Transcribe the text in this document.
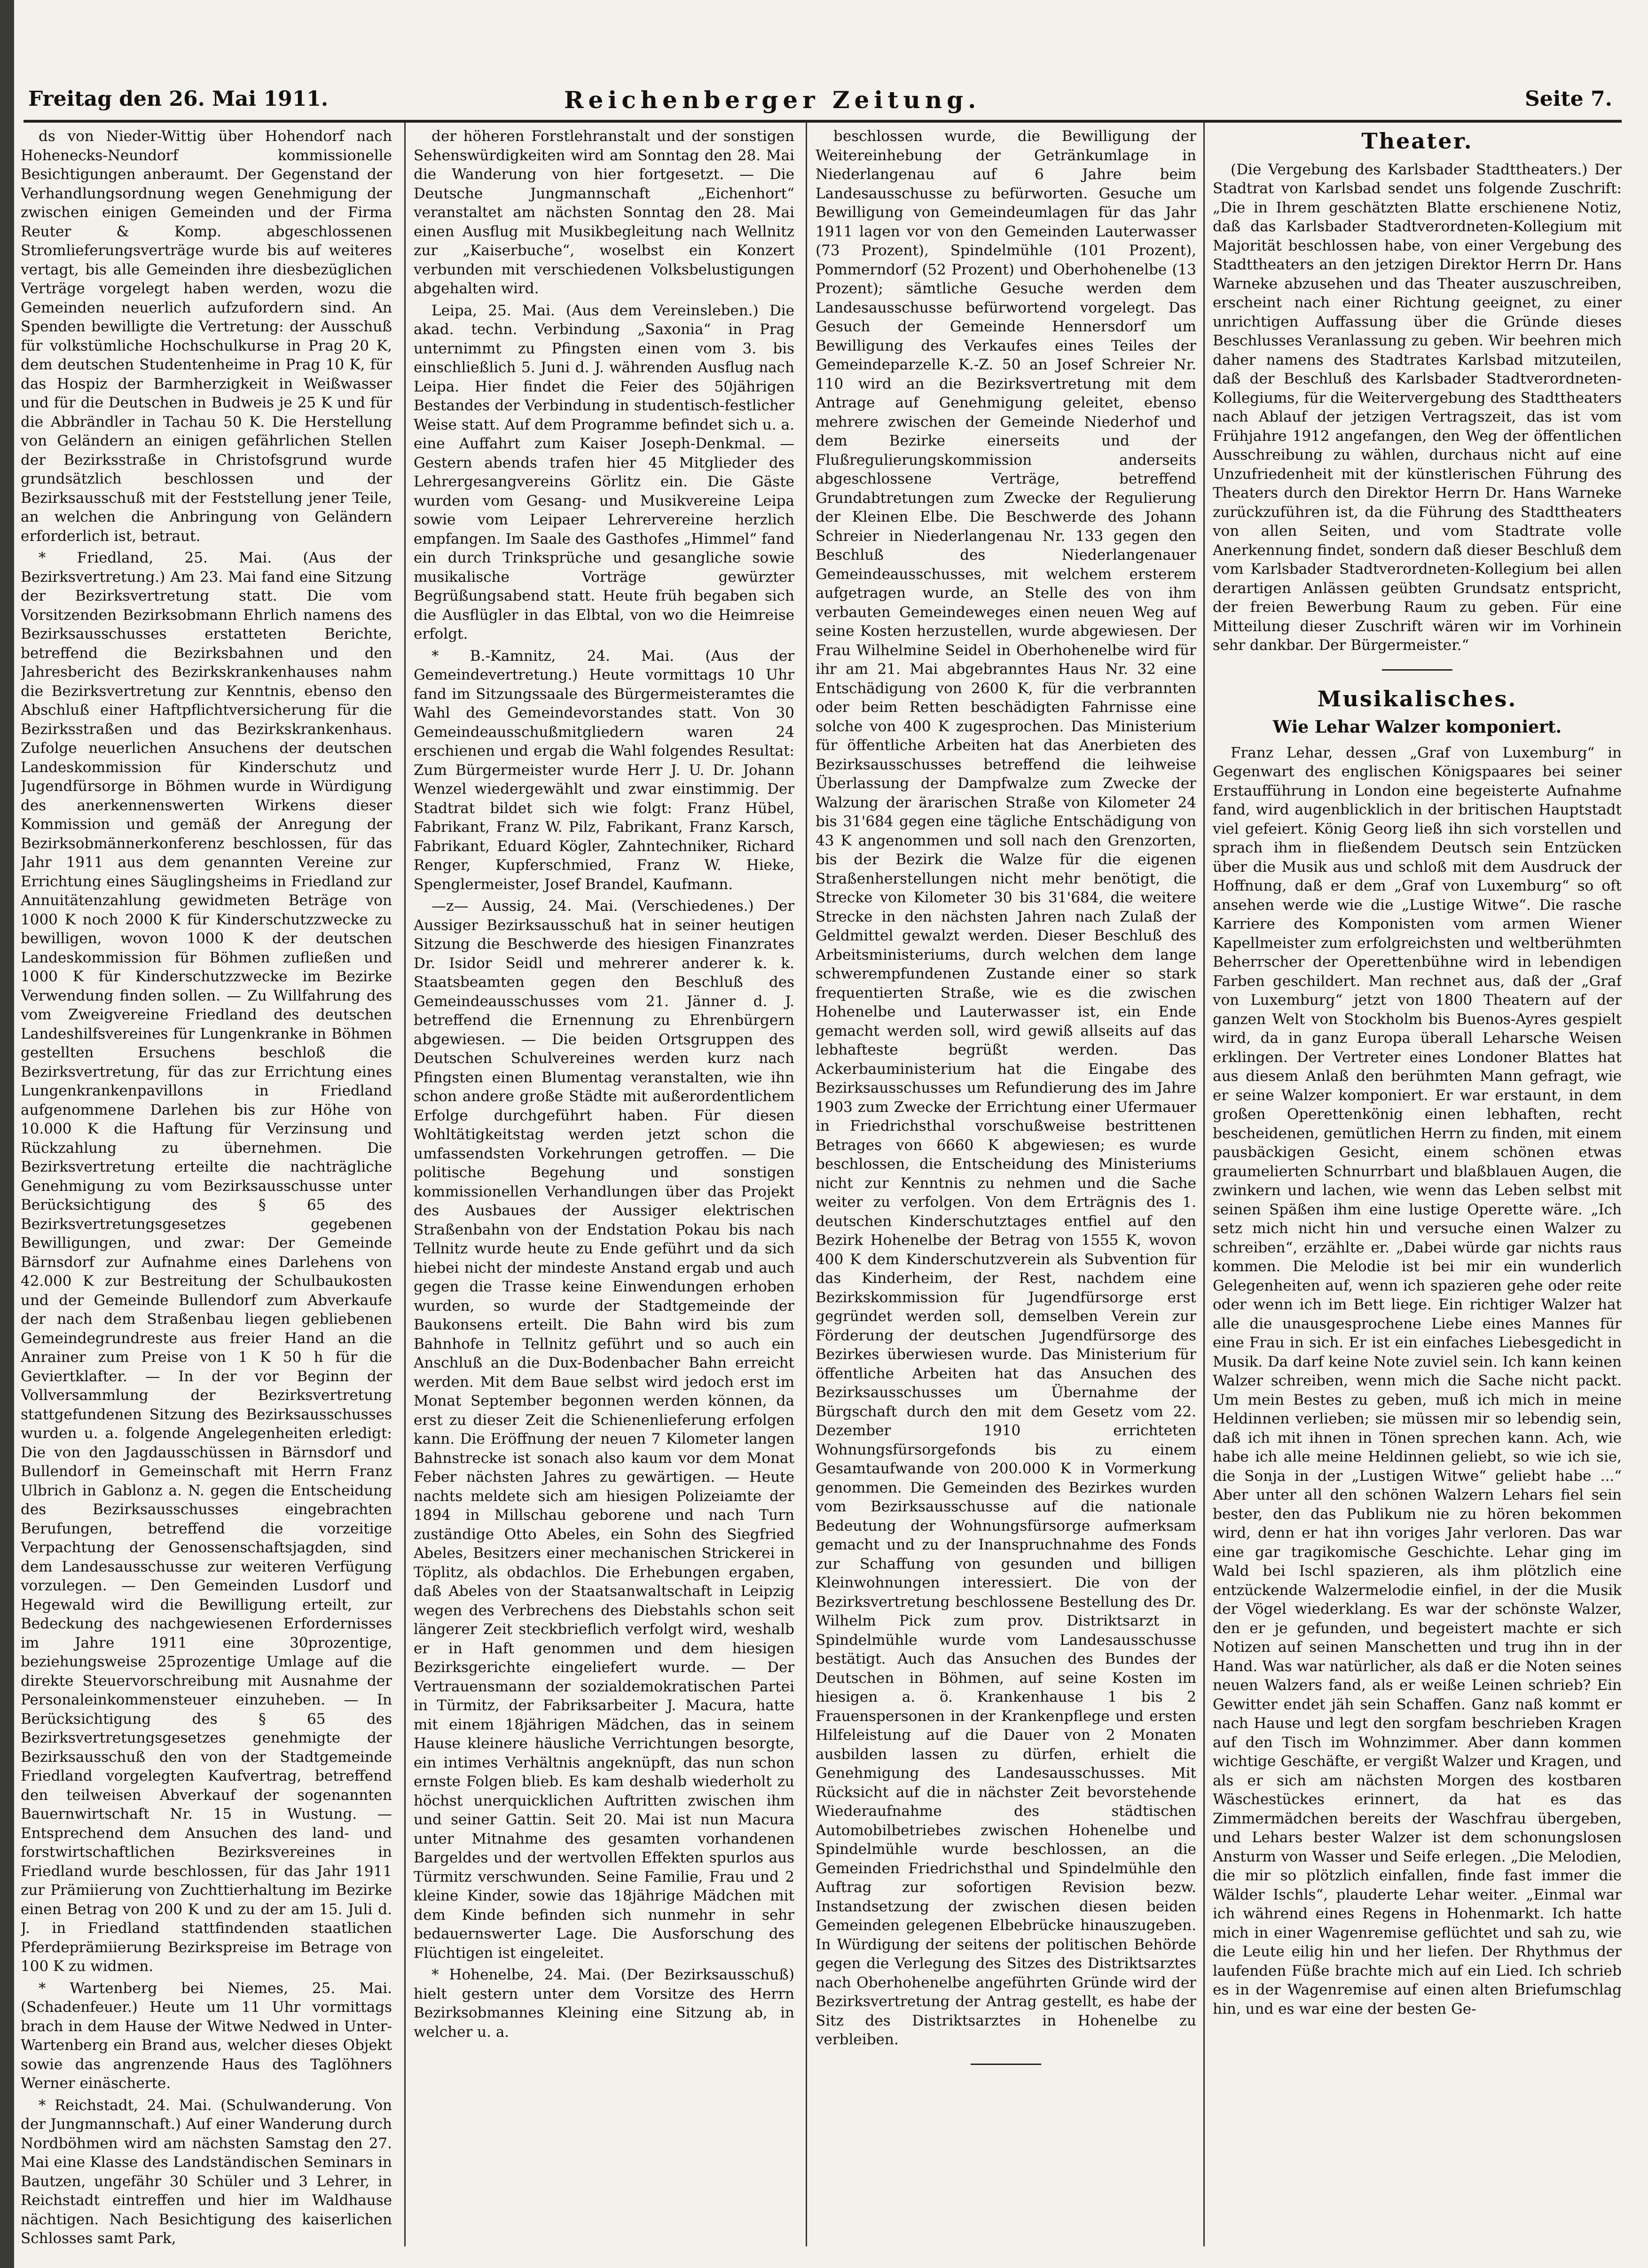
Freitag den 26. Mai 1911.	Reichenberger Zeitung.	Seite 7.

ds von Nieder-Wittig über Hohendorf nach Hohenecks-Neundorf kommissionelle Besichtigungen anberaumt. Der Gegenstand der Verhandlungsordnung wegen Genehmigung der zwischen einigen Gemeinden und der Firma Reuter & Komp. abgeschlossenen Stromlieferungsverträge wurde bis auf weiteres vertagt, bis alle Gemeinden ihre diesbezüglichen Verträge vorgelegt haben werden, wozu die Gemeinden neuerlich aufzufordern sind. An Spenden bewilligte die Vertretung: der Ausschuß für volkstümliche Hochschulkurse in Prag 20 K, dem deutschen Studentenheime in Prag 10 K, für das Hospiz der Barmherzigkeit in Weißwasser und für die Deutschen in Budweis je 25 K und für die Abbrändler in Tachau 50 K. Die Herstellung von Geländern an einigen gefährlichen Stellen der Bezirksstraße in Christofsgrund wurde grundsätzlich beschlossen und der Bezirksausschuß mit der Feststellung jener Teile, an welchen die Anbringung von Geländern erforderlich ist, betraut.

* Friedland, 25. Mai. (Aus der Bezirksvertretung.) Am 23. Mai fand eine Sitzung der Bezirksvertretung statt. Die vom Vorsitzenden Bezirksobmann Ehrlich namens des Bezirksausschusses erstatteten Berichte, betreffend die Bezirksbahnen und den Jahresbericht des Bezirkskrankenhauses nahm die Bezirksvertretung zur Kenntnis, ebenso den Abschluß einer Haftpflichtversicherung für die Bezirksstraßen und das Bezirkskrankenhaus. Zufolge neuerlichen Ansuchens der deutschen Landeskommission für Kinderschutz und Jugendfürsorge in Böhmen wurde in Würdigung des anerkennenswerten Wirkens dieser Kommission und gemäß der Anregung der Bezirksobmännerkonferenz beschlossen, für das Jahr 1911 aus dem genannten Vereine zur Errichtung eines Säuglingsheims in Friedland zur Annuitätenzahlung gewidmeten Beträge von 1000 K noch 2000 K für Kinderschutzzwecke zu bewilligen, wovon 1000 K der deutschen Landeskommission für Böhmen zufließen und 1000 K für Kinderschutzzwecke im Bezirke Verwendung finden sollen. — Zu Willfahrung des vom Zweigvereine Friedland des deutschen Landeshilfsvereines für Lungenkranke in Böhmen gestellten Ersuchens beschloß die Bezirksvertretung, für das zur Errichtung eines Lungenkrankenpavillons in Friedland aufgenommene Darlehen bis zur Höhe von 10.000 K die Haftung für Verzinsung und Rückzahlung zu übernehmen. Die Bezirksvertretung erteilte die nachträgliche Genehmigung zu vom Bezirksausschusse unter Berücksichtigung des § 65 des Bezirksvertretungsgesetzes gegebenen Bewilligungen, und zwar: Der Gemeinde Bärnsdorf zur Aufnahme eines Darlehens von 42.000 K zur Bestreitung der Schulbaukosten und der Gemeinde Bullendorf zum Abverkaufe der nach dem Straßenbau liegen gebliebenen Gemeindegrundreste aus freier Hand an die Anrainer zum Preise von 1 K 50 h für die Geviertklafter. — In der vor Beginn der Vollversammlung der Bezirksvertretung stattgefundenen Sitzung des Bezirksausschusses wurden u. a. folgende Angelegenheiten erledigt: Die von den Jagdausschüssen in Bärnsdorf und Bullendorf in Gemeinschaft mit Herrn Franz Ulbrich in Gablonz a. N. gegen die Entscheidung des Bezirksausschusses eingebrachten Berufungen, betreffend die vorzeitige Verpachtung der Genossenschaftsjagden, sind dem Landesausschusse zur weiteren Verfügung vorzulegen. — Den Gemeinden Lusdorf und Hegewald wird die Bewilligung erteilt, zur Bedeckung des nachgewiesenen Erfordernisses im Jahre 1911 eine 30prozentige, beziehungsweise 25prozentige Umlage auf die direkte Steuervorschreibung mit Ausnahme der Personaleinkommensteuer einzuheben. — In Berücksichtigung des § 65 des Bezirksvertretungsgesetzes genehmigte der Bezirksausschuß den von der Stadtgemeinde Friedland vorgelegten Kaufvertrag, betreffend den teilweisen Abverkauf der sogenannten Bauernwirtschaft Nr. 15 in Wustung. — Entsprechend dem Ansuchen des land- und forstwirtschaftlichen Bezirksvereines in Friedland wurde beschlossen, für das Jahr 1911 zur Prämiierung von Zuchttierhaltung im Bezirke einen Betrag von 200 K und zu der am 15. Juli d. J. in Friedland stattfindenden staatlichen Pferdeprämiierung Bezirkspreise im Betrage von 100 K zu widmen.

* Wartenberg bei Niemes, 25. Mai. (Schadenfeuer.) Heute um 11 Uhr vormittags brach in dem Hause der Witwe Nedwed in Unter-Wartenberg ein Brand aus, welcher dieses Objekt sowie das angrenzende Haus des Taglöhners Werner einäscherte.

* Reichstadt, 24. Mai. (Schulwanderung. Von der Jungmannschaft.) Auf einer Wanderung durch Nordböhmen wird am nächsten Samstag den 27. Mai eine Klasse des Landständischen Seminars in Bautzen, ungefähr 30 Schüler und 3 Lehrer, in Reichstadt eintreffen und hier im Waldhause nächtigen. Nach Besichtigung des kaiserlichen Schlosses samt Park,

der höheren Forstlehranstalt und der sonstigen Sehenswürdigkeiten wird am Sonntag den 28. Mai die Wanderung von hier fortgesetzt. — Die Deutsche Jungmannschaft „Eichenhort“ veranstaltet am nächsten Sonntag den 28. Mai einen Ausflug mit Musikbegleitung nach Wellnitz zur „Kaiserbuche“, woselbst ein Konzert verbunden mit verschiedenen Volksbelustigungen abgehalten wird.

Leipa, 25. Mai. (Aus dem Vereinsleben.) Die akad. techn. Verbindung „Saxonia“ in Prag unternimmt zu Pfingsten einen vom 3. bis einschließlich 5. Juni d. J. währenden Ausflug nach Leipa. Hier findet die Feier des 50jährigen Bestandes der Verbindung in studentisch-festlicher Weise statt. Auf dem Programme befindet sich u. a. eine Auffahrt zum Kaiser Joseph-Denkmal. — Gestern abends trafen hier 45 Mitglieder des Lehrergesangvereins Görlitz ein. Die Gäste wurden vom Gesang- und Musikvereine Leipa sowie vom Leipaer Lehrervereine herzlich empfangen. Im Saale des Gasthofes „Himmel“ fand ein durch Trinksprüche und gesangliche sowie musikalische Vorträge gewürzter Begrüßungsabend statt. Heute früh begaben sich die Ausflügler in das Elbtal, von wo die Heimreise erfolgt.

* B.-Kamnitz, 24. Mai. (Aus der Gemeindevertretung.) Heute vormittags 10 Uhr fand im Sitzungssaale des Bürgermeisteramtes die Wahl des Gemeindevorstandes statt. Von 30 Gemeindeausschußmitgliedern waren 24 erschienen und ergab die Wahl folgendes Resultat: Zum Bürgermeister wurde Herr J. U. Dr. Johann Wenzel wiedergewählt und zwar einstimmig. Der Stadtrat bildet sich wie folgt: Franz Hübel, Fabrikant, Franz W. Pilz, Fabrikant, Franz Karsch, Fabrikant, Eduard Kögler, Zahntechniker, Richard Renger, Kupferschmied, Franz W. Hieke, Spenglermeister, Josef Brandel, Kaufmann.

—z— Aussig, 24. Mai. (Verschiedenes.) Der Aussiger Bezirksausschuß hat in seiner heutigen Sitzung die Beschwerde des hiesigen Finanzrates Dr. Isidor Seidl und mehrerer anderer k. k. Staatsbeamten gegen den Beschluß des Gemeindeausschusses vom 21. Jänner d. J. betreffend die Ernennung zu Ehrenbürgern abgewiesen. — Die beiden Ortsgruppen des Deutschen Schulvereines werden kurz nach Pfingsten einen Blumentag veranstalten, wie ihn schon andere große Städte mit außerordentlichem Erfolge durchgeführt haben. Für diesen Wohltätigkeitstag werden jetzt schon die umfassendsten Vorkehrungen getroffen. — Die politische Begehung und sonstigen kommissionellen Verhandlungen über das Projekt des Ausbaues der Aussiger elektrischen Straßenbahn von der Endstation Pokau bis nach Tellnitz wurde heute zu Ende geführt und da sich hiebei nicht der mindeste Anstand ergab und auch gegen die Trasse keine Einwendungen erhoben wurden, so wurde der Stadtgemeinde der Baukonsens erteilt. Die Bahn wird bis zum Bahnhofe in Tellnitz geführt und so auch ein Anschluß an die Dux-Bodenbacher Bahn erreicht werden. Mit dem Baue selbst wird jedoch erst im Monat September begonnen werden können, da erst zu dieser Zeit die Schienenlieferung erfolgen kann. Die Eröffnung der neuen 7 Kilometer langen Bahnstrecke ist sonach also kaum vor dem Monat Feber nächsten Jahres zu gewärtigen. — Heute nachts meldete sich am hiesigen Polizeiamte der 1894 in Millschau geborene und nach Turn zuständige Otto Abeles, ein Sohn des Siegfried Abeles, Besitzers einer mechanischen Strickerei in Töplitz, als obdachlos. Die Erhebungen ergaben, daß Abeles von der Staatsanwaltschaft in Leipzig wegen des Verbrechens des Diebstahls schon seit längerer Zeit steckbrieflich verfolgt wird, weshalb er in Haft genommen und dem hiesigen Bezirksgerichte eingeliefert wurde. — Der Vertrauensmann der sozialdemokratischen Partei in Türmitz, der Fabriksarbeiter J. Macura, hatte mit einem 18jährigen Mädchen, das in seinem Hause kleinere häusliche Verrichtungen besorgte, ein intimes Verhältnis angeknüpft, das nun schon ernste Folgen blieb. Es kam deshalb wiederholt zu höchst unerquicklichen Auftritten zwischen ihm und seiner Gattin. Seit 20. Mai ist nun Macura unter Mitnahme des gesamten vorhandenen Bargeldes und der wertvollen Effekten spurlos aus Türmitz verschwunden. Seine Familie, Frau und 2 kleine Kinder, sowie das 18jährige Mädchen mit dem Kinde befinden sich nunmehr in sehr bedauernswerter Lage. Die Ausforschung des Flüchtigen ist eingeleitet.

* Hohenelbe, 24. Mai. (Der Bezirksausschuß) hielt gestern unter dem Vorsitze des Herrn Bezirksobmannes Kleining eine Sitzung ab, in welcher u. a.

beschlossen wurde, die Bewilligung der Weitereinhebung der Getränkumlage in Niederlangenau auf 6 Jahre beim Landesausschusse zu befürworten. Gesuche um Bewilligung von Gemeindeumlagen für das Jahr 1911 lagen vor von den Gemeinden Lauterwasser (73 Prozent), Spindelmühle (101 Prozent), Pommerndorf (52 Prozent) und Oberhohenelbe (13 Prozent); sämtliche Gesuche werden dem Landesausschusse befürwortend vorgelegt. Das Gesuch der Gemeinde Hennersdorf um Bewilligung des Verkaufes eines Teiles der Gemeindeparzelle K.-Z. 50 an Josef Schreier Nr. 110 wird an die Bezirksvertretung mit dem Antrage auf Genehmigung geleitet, ebenso mehrere zwischen der Gemeinde Niederhof und dem Bezirke einerseits und der Flußregulierungskommission anderseits abgeschlossene Verträge, betreffend Grundabtretungen zum Zwecke der Regulierung der Kleinen Elbe. Die Beschwerde des Johann Schreier in Niederlangenau Nr. 133 gegen den Beschluß des Niederlangenauer Gemeindeausschusses, mit welchem ersterem aufgetragen wurde, an Stelle des von ihm verbauten Gemeindeweges einen neuen Weg auf seine Kosten herzustellen, wurde abgewiesen. Der Frau Wilhelmine Seidel in Oberhohenelbe wird für ihr am 21. Mai abgebranntes Haus Nr. 32 eine Entschädigung von 2600 K, für die verbrannten oder beim Retten beschädigten Fahrnisse eine solche von 400 K zugesprochen. Das Ministerium für öffentliche Arbeiten hat das Anerbieten des Bezirksausschusses betreffend die leihweise Überlassung der Dampfwalze zum Zwecke der Walzung der ärarischen Straße von Kilometer 24 bis 31'684 gegen eine tägliche Entschädigung von 43 K angenommen und soll nach den Grenzorten, bis der Bezirk die Walze für die eigenen Straßenherstellungen nicht mehr benötigt, die Strecke von Kilometer 30 bis 31'684, die weitere Strecke in den nächsten Jahren nach Zulaß der Geldmittel gewalzt werden. Dieser Beschluß des Arbeitsministeriums, durch welchen dem lange schwerempfundenen Zustande einer so stark frequentierten Straße, wie es die zwischen Hohenelbe und Lauterwasser ist, ein Ende gemacht werden soll, wird gewiß allseits auf das lebhafteste begrüßt werden. Das Ackerbauministerium hat die Eingabe des Bezirksausschusses um Refundierung des im Jahre 1903 zum Zwecke der Errichtung einer Ufermauer in Friedrichsthal vorschußweise bestrittenen Betrages von 6660 K abgewiesen; es wurde beschlossen, die Entscheidung des Ministeriums nicht zur Kenntnis zu nehmen und die Sache weiter zu verfolgen. Von dem Erträgnis des 1. deutschen Kinderschutztages entfiel auf den Bezirk Hohenelbe der Betrag von 1555 K, wovon 400 K dem Kinderschutzverein als Subvention für das Kinderheim, der Rest, nachdem eine Bezirkskommission für Jugendfürsorge erst gegründet werden soll, demselben Verein zur Förderung der deutschen Jugendfürsorge des Bezirkes überwiesen wurde. Das Ministerium für öffentliche Arbeiten hat das Ansuchen des Bezirksausschusses um Übernahme der Bürgschaft durch den mit dem Gesetz vom 22. Dezember 1910 errichteten Wohnungsfürsorgefonds bis zu einem Gesamtaufwande von 200.000 K in Vormerkung genommen. Die Gemeinden des Bezirkes wurden vom Bezirksausschusse auf die nationale Bedeutung der Wohnungsfürsorge aufmerksam gemacht und zu der Inanspruchnahme des Fonds zur Schaffung von gesunden und billigen Kleinwohnungen interessiert. Die von der Bezirksvertretung beschlossene Bestellung des Dr. Wilhelm Pick zum prov. Distriktsarzt in Spindelmühle wurde vom Landesausschusse bestätigt. Auch das Ansuchen des Bundes der Deutschen in Böhmen, auf seine Kosten im hiesigen a. ö. Krankenhause 1 bis 2 Frauenspersonen in der Krankenpflege und ersten Hilfeleistung auf die Dauer von 2 Monaten ausbilden lassen zu dürfen, erhielt die Genehmigung des Landesausschusses. Mit Rücksicht auf die in nächster Zeit bevorstehende Wiederaufnahme des städtischen Automobilbetriebes zwischen Hohenelbe und Spindelmühle wurde beschlossen, an die Gemeinden Friedrichsthal und Spindelmühle den Auftrag zur sofortigen Revision bezw. Instandsetzung der zwischen diesen beiden Gemeinden gelegenen Elbebrücke hinauszugeben. In Würdigung der seitens der politischen Behörde gegen die Verlegung des Sitzes des Distriktsarztes nach Oberhohenelbe angeführten Gründe wird der Bezirksvertretung der Antrag gestellt, es habe der Sitz des Distriktsarztes in Hohenelbe zu verbleiben.

Theater.

(Die Vergebung des Karlsbader Stadttheaters.) Der Stadtrat von Karlsbad sendet uns folgende Zuschrift: „Die in Ihrem geschätzten Blatte erschienene Notiz, daß das Karlsbader Stadtverordneten-Kollegium mit Majorität beschlossen habe, von einer Vergebung des Stadttheaters an den jetzigen Direktor Herrn Dr. Hans Warneke abzusehen und das Theater auszuschreiben, erscheint nach einer Richtung geeignet, zu einer unrichtigen Auffassung über die Gründe dieses Beschlusses Veranlassung zu geben. Wir beehren mich daher namens des Stadtrates Karlsbad mitzuteilen, daß der Beschluß des Karlsbader Stadtverordneten-Kollegiums, für die Weitervergebung des Stadttheaters nach Ablauf der jetzigen Vertragszeit, das ist vom Frühjahre 1912 angefangen, den Weg der öffentlichen Ausschreibung zu wählen, durchaus nicht auf eine Unzufriedenheit mit der künstlerischen Führung des Theaters durch den Direktor Herrn Dr. Hans Warneke zurückzuführen ist, da die Führung des Stadttheaters von allen Seiten, und vom Stadtrate volle Anerkennung findet, sondern daß dieser Beschluß dem vom Karlsbader Stadtverordneten-Kollegium bei allen derartigen Anlässen geübten Grundsatz entspricht, der freien Bewerbung Raum zu geben. Für eine Mitteilung dieser Zuschrift wären wir im Vorhinein sehr dankbar. Der Bürgermeister.“

Musikalisches.
Wie Lehar Walzer komponiert.

Franz Lehar, dessen „Graf von Luxemburg“ in Gegenwart des englischen Königspaares bei seiner Erstaufführung in London eine begeisterte Aufnahme fand, wird augenblicklich in der britischen Hauptstadt viel gefeiert. König Georg ließ ihn sich vorstellen und sprach ihm in fließendem Deutsch sein Entzücken über die Musik aus und schloß mit dem Ausdruck der Hoffnung, daß er dem „Graf von Luxemburg“ so oft ansehen werde wie die „Lustige Witwe“. Die rasche Karriere des Komponisten vom armen Wiener Kapellmeister zum erfolgreichsten und weltberühmten Beherrscher der Operettenbühne wird in lebendigen Farben geschildert. Man rechnet aus, daß der „Graf von Luxemburg“ jetzt von 1800 Theatern auf der ganzen Welt von Stockholm bis Buenos-Ayres gespielt wird, da in ganz Europa überall Leharsche Weisen erklingen. Der Vertreter eines Londoner Blattes hat aus diesem Anlaß den berühmten Mann gefragt, wie er seine Walzer komponiert. Er war erstaunt, in dem großen Operettenkönig einen lebhaften, recht bescheidenen, gemütlichen Herrn zu finden, mit einem pausbäckigen Gesicht, einem schönen etwas graumelierten Schnurrbart und blaßblauen Augen, die zwinkern und lachen, wie wenn das Leben selbst mit seinen Späßen ihm eine lustige Operette wäre. „Ich setz mich nicht hin und versuche einen Walzer zu schreiben“, erzählte er. „Dabei würde gar nichts raus kommen. Die Melodie ist bei mir ein wunderlich Gelegenheiten auf, wenn ich spazieren gehe oder reite oder wenn ich im Bett liege. Ein richtiger Walzer hat alle die unausgesprochene Liebe eines Mannes für eine Frau in sich. Er ist ein einfaches Liebesgedicht in Musik. Da darf keine Note zuviel sein. Ich kann keinen Walzer schreiben, wenn mich die Sache nicht packt. Um mein Bestes zu geben, muß ich mich in meine Heldinnen verlieben; sie müssen mir so lebendig sein, daß ich mit ihnen in Tönen sprechen kann. Ach, wie habe ich alle meine Heldinnen geliebt, so wie ich sie, die Sonja in der „Lustigen Witwe“ geliebt habe ...“ Aber unter all den schönen Walzern Lehars fiel sein bester, den das Publikum nie zu hören bekommen wird, denn er hat ihn voriges Jahr verloren. Das war eine gar tragikomische Geschichte. Lehar ging im Wald bei Ischl spazieren, als ihm plötzlich eine entzückende Walzermelodie einfiel, in der die Musik der Vögel wiederklang. Es war der schönste Walzer, den er je gefunden, und begeistert machte er sich Notizen auf seinen Manschetten und trug ihn in der Hand. Was war natürlicher, als daß er die Noten seines neuen Walzers fand, als er weiße Leinen schrieb? Ein Gewitter endet jäh sein Schaffen. Ganz naß kommt er nach Hause und legt den sorgfam beschrieben Kragen auf den Tisch im Wohnzimmer. Aber dann kommen wichtige Geschäfte, er vergißt Walzer und Kragen, und als er sich am nächsten Morgen des kostbaren Wäschestückes erinnert, da hat es das Zimmermädchen bereits der Waschfrau übergeben, und Lehars bester Walzer ist dem schonungslosen Ansturm von Wasser und Seife erlegen. „Die Melodien, die mir so plötzlich einfallen, finde fast immer die Wälder Ischls“, plauderte Lehar weiter. „Einmal war ich während eines Regens in Hohenmarkt. Ich hatte mich in einer Wagenremise geflüchtet und sah zu, wie die Leute eilig hin und her liefen. Der Rhythmus der laufenden Füße brachte mich auf ein Lied. Ich schrieb es in der Wagenremise auf einen alten Briefumschlag hin, und es war eine der besten Ge-
